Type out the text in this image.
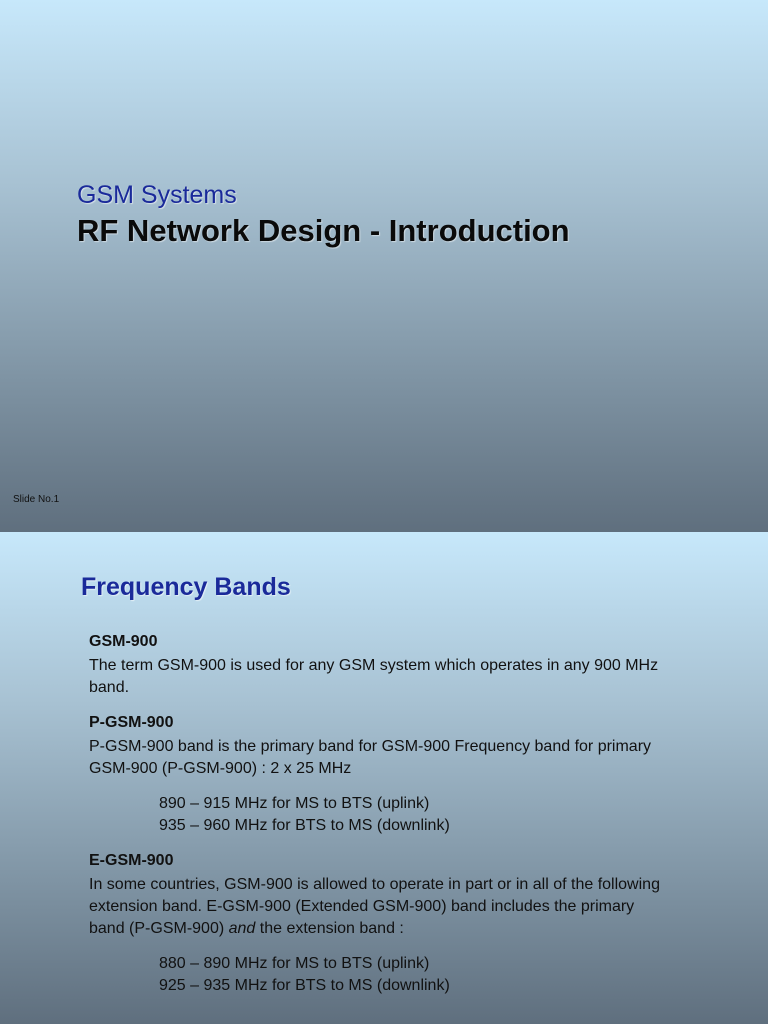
GSM Systems
RF Network Design - Introduction
Slide No.1
Frequency Bands
GSM-900
The term GSM-900 is used for any GSM system which operates in any 900 MHz
band.
P-GSM-900
P-GSM-900 band is the primary band for GSM-900 Frequency band for primary
GSM-900 (P-GSM-900) : 2 x 25 MHz
890 – 915 MHz for MS to BTS (uplink)
935 – 960 MHz for BTS to MS (downlink)
E-GSM-900
In some countries, GSM-900 is allowed to operate in part or in all of the following
extension band. E-GSM-900 (Extended GSM-900) band includes the primary
band (P-GSM-900) and the extension band :
880 – 890 MHz for MS to BTS (uplink)
925 – 935 MHz for BTS to MS (downlink)
